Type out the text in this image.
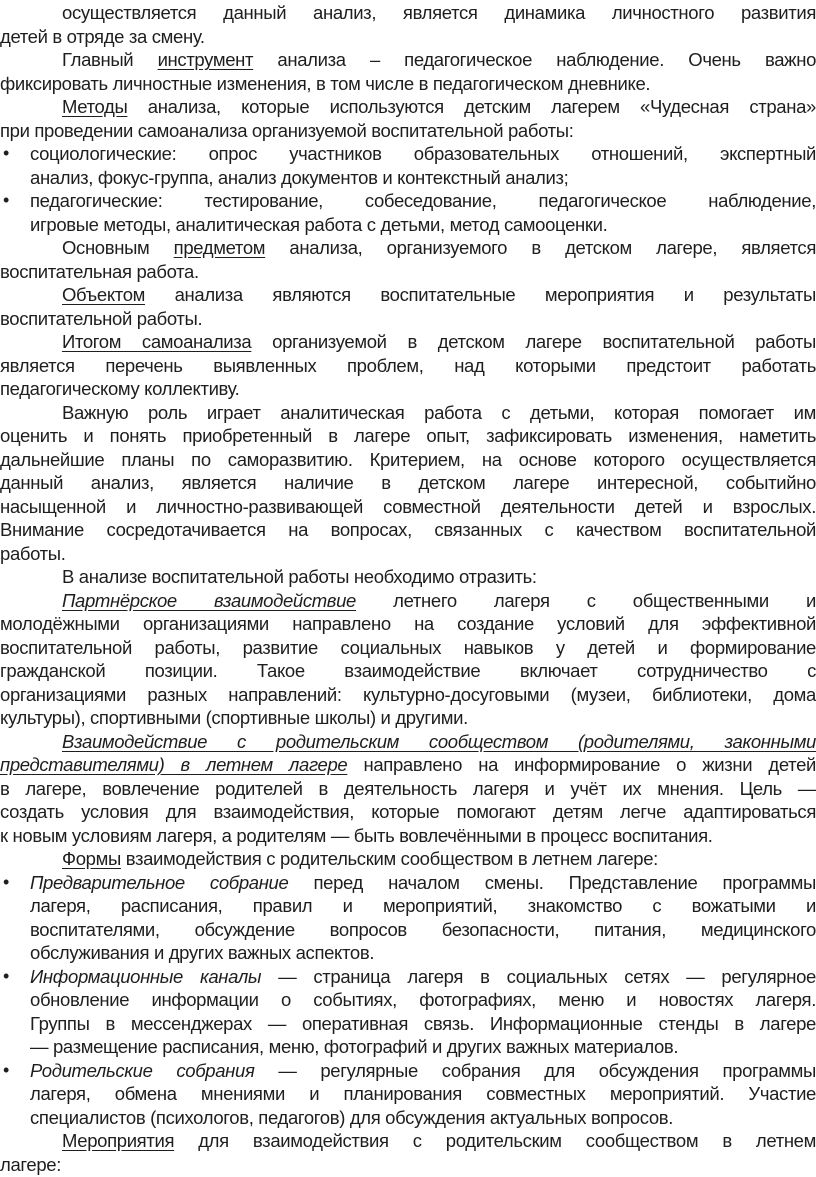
осуществляется данный анализ, является динамика личностного развития
детей в отряде за смену.
Главный инструмент анализа – педагогическое наблюдение. Очень важно
фиксировать личностные изменения, в том числе в педагогическом дневнике.
Методы анализа, которые используются детским лагерем «Чудесная страна»
при проведении самоанализа организуемой воспитательной работы:
• социологические: опрос участников образовательных отношений, экспертный
анализ, фокус-группа, анализ документов и контекстный анализ;
• педагогические: тестирование, собеседование, педагогическое наблюдение,
игровые методы, аналитическая работа с детьми, метод самооценки.
Основным предметом анализа, организуемого в детском лагере, является
воспитательная работа.
Объектом анализа являются воспитательные мероприятия и результаты
воспитательной работы.
Итогом самоанализа организуемой в детском лагере воспитательной работы
является перечень выявленных проблем, над которыми предстоит работать
педагогическому коллективу.
Важную роль играет аналитическая работа с детьми, которая помогает им
оценить и понять приобретенный в лагере опыт, зафиксировать изменения, наметить
дальнейшие планы по саморазвитию. Критерием, на основе которого осуществляется
данный анализ, является наличие в детском лагере интересной, событийно
насыщенной и личностно-развивающей совместной деятельности детей и взрослых.
Внимание сосредотачивается на вопросах, связанных с качеством воспитательной
работы.
В анализе воспитательной работы необходимо отразить:
Партнёрское взаимодействие летнего лагеря с общественными и
молодёжными организациями направлено на создание условий для эффективной
воспитательной работы, развитие социальных навыков у детей и формирование
гражданской позиции. Такое взаимодействие включает сотрудничество с
организациями разных направлений: культурно-досуговыми (музеи, библиотеки, дома
культуры), спортивными (спортивные школы) и другими.
Взаимодействие с родительским сообществом (родителями, законными
представителями) в летнем лагере направлено на информирование о жизни детей
в лагере, вовлечение родителей в деятельность лагеря и учёт их мнения. Цель —
создать условия для взаимодействия, которые помогают детям легче адаптироваться
к новым условиям лагеря, а родителям — быть вовлечёнными в процесс воспитания.
Формы взаимодействия с родительским сообществом в летнем лагере:
• Предварительное собрание перед началом смены. Представление программы
лагеря, расписания, правил и мероприятий, знакомство с вожатыми и
воспитателями, обсуждение вопросов безопасности, питания, медицинского
обслуживания и других важных аспектов.
• Информационные каналы — страница лагеря в социальных сетях — регулярное
обновление информации о событиях, фотографиях, меню и новостях лагеря.
Группы в мессенджерах — оперативная связь. Информационные стенды в лагере
— размещение расписания, меню, фотографий и других важных материалов.
• Родительские собрания — регулярные собрания для обсуждения программы
лагеря, обмена мнениями и планирования совместных мероприятий. Участие
специалистов (психологов, педагогов) для обсуждения актуальных вопросов.
Мероприятия для взаимодействия с родительским сообществом в летнем
лагере:
